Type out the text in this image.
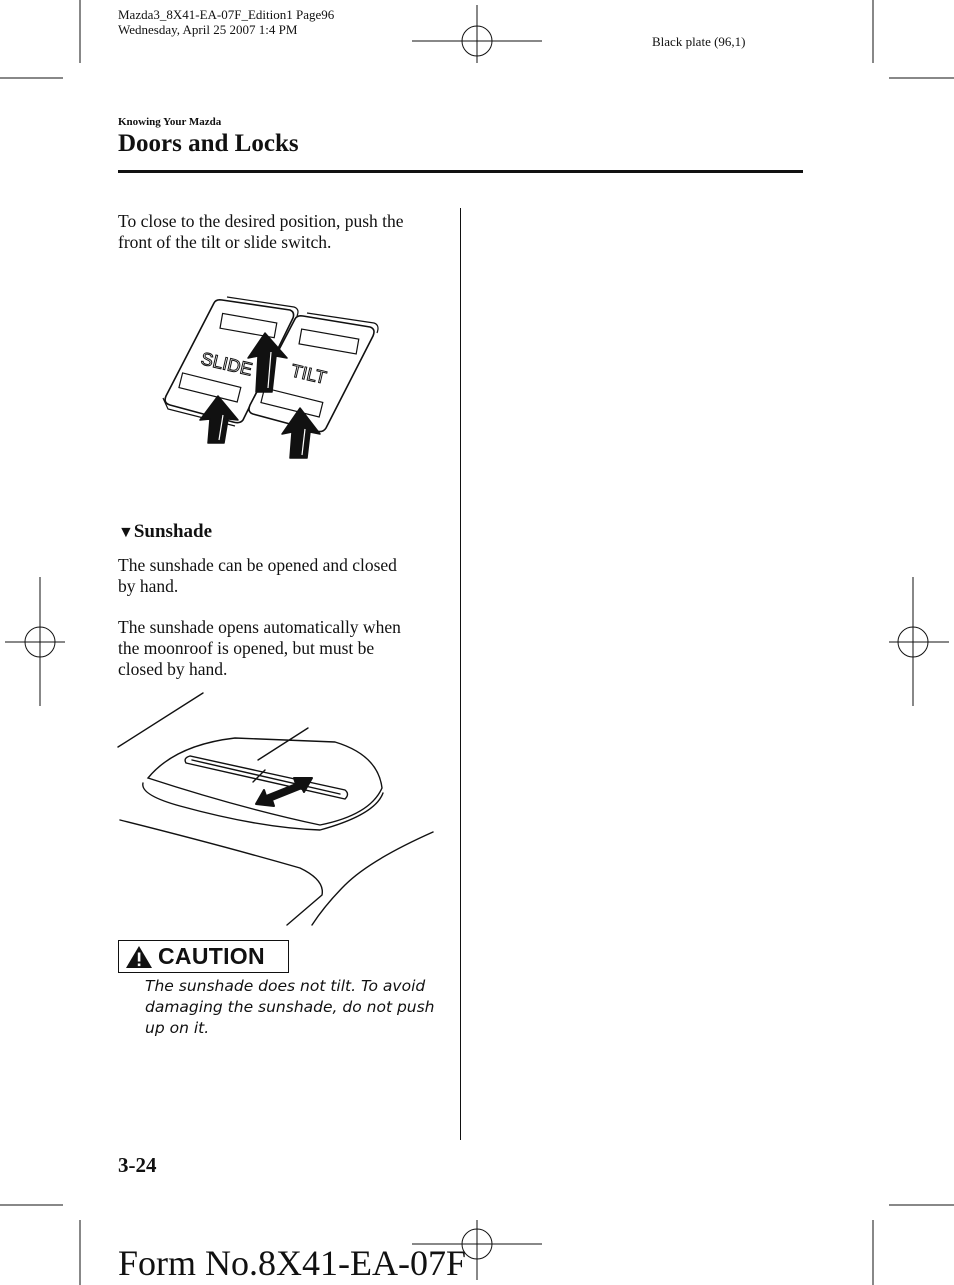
Mazda3_8X41-EA-07F_Edition1 Page96
Wednesday, April 25 2007 1:4 PM
Black plate (96,1)
Knowing Your Mazda
Doors and Locks
To close to the desired position, push the
front of the tilt or slide switch.
SLIDE TILT
▼Sunshade
The sunshade can be opened and closed
by hand.
The sunshade opens automatically when
the moonroof is opened, but must be
closed by hand.
CAUTION
The sunshade does not tilt. To avoid
damaging the sunshade, do not push
up on it.
3-24
Form No.8X41-EA-07F
